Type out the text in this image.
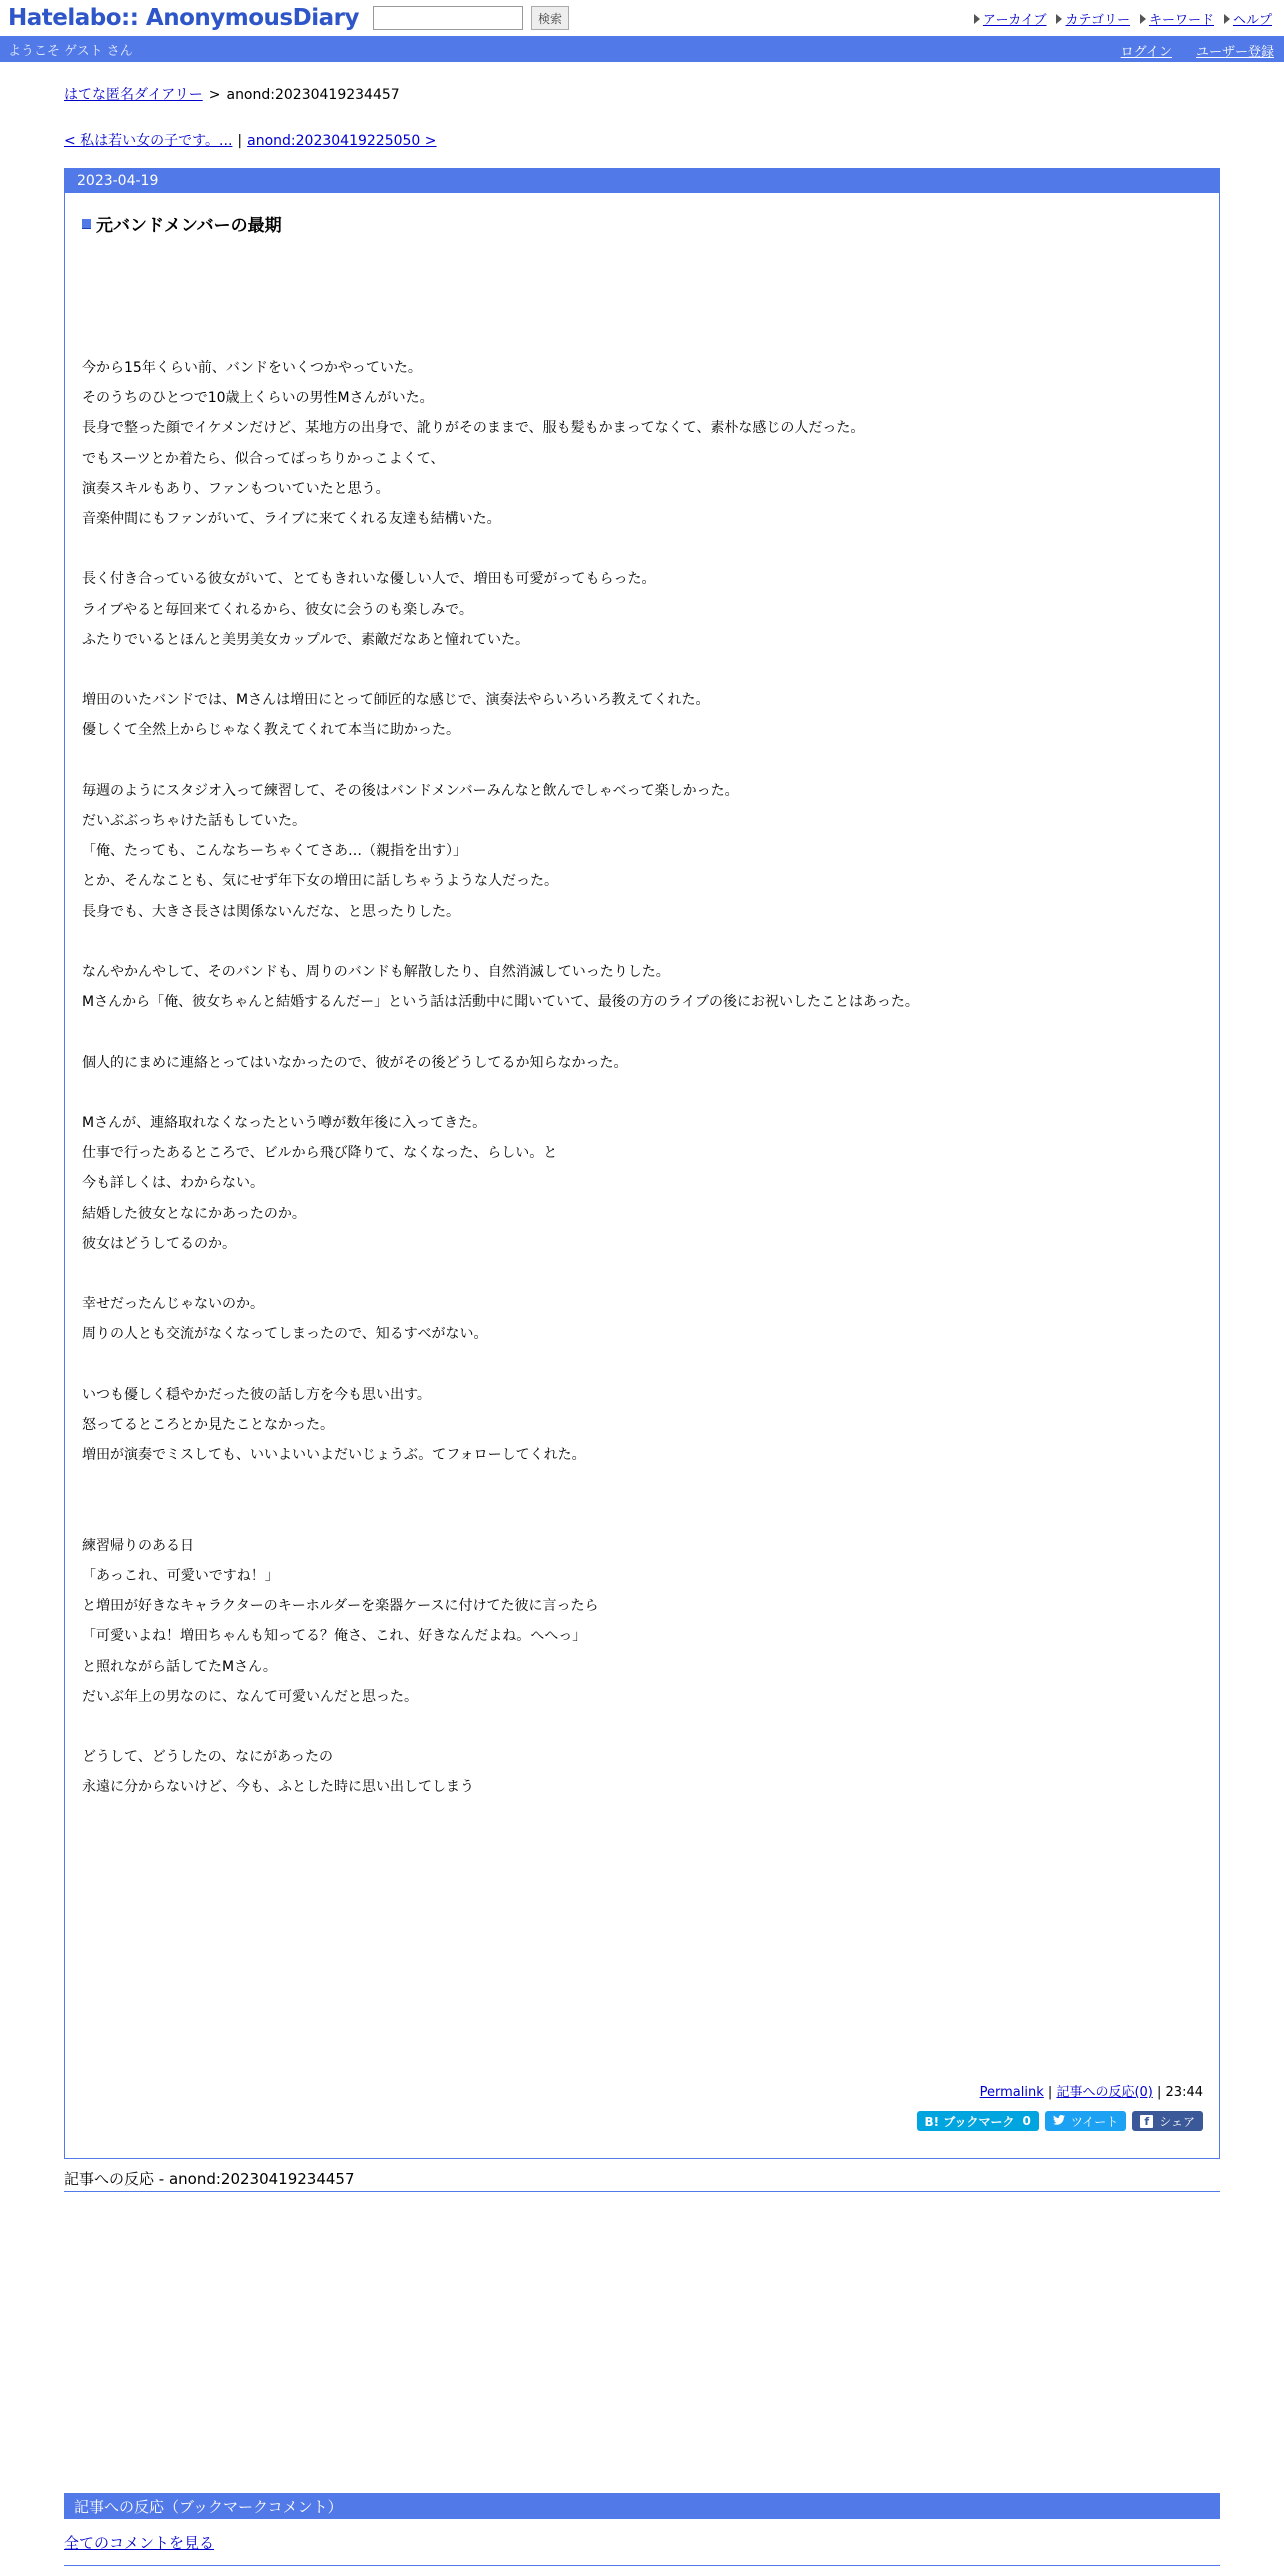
Hatelabo:: AnonymousDiary	検索	アーカイブ カテゴリー キーワード ヘルプ
ようこそ ゲスト さん	ログイン ユーザー登録
はてな匿名ダイアリー > anond:20230419234457
< 私は若い女の子です。... | anond:20230419225050 >
2023-04-19
元バンドメンバーの最期

今から15年くらい前、バンドをいくつかやっていた。

そのうちのひとつで10歳上くらいの男性Mさんがいた。

長身で整った顔でイケメンだけど、某地方の出身で、訛りがそのままで、服も髪もかまってなくて、素朴な感じの人だった。

でもスーツとか着たら、似合ってばっちりかっこよくて、

演奏スキルもあり、ファンもついていたと思う。

音楽仲間にもファンがいて、ライブに来てくれる友達も結構いた。

長く付き合っている彼女がいて、とてもきれいな優しい人で、増田も可愛がってもらった。

ライブやると毎回来てくれるから、彼女に会うのも楽しみで。

ふたりでいるとほんと美男美女カップルで、素敵だなあと憧れていた。

増田のいたバンドでは、Mさんは増田にとって師匠的な感じで、演奏法やらいろいろ教えてくれた。

優しくて全然上からじゃなく教えてくれて本当に助かった。

毎週のようにスタジオ入って練習して、その後はバンドメンバーみんなと飲んでしゃべって楽しかった。

だいぶぶっちゃけた話もしていた。

「俺、たっても、こんなちーちゃくてさあ…（親指を出す）」

とか、そんなことも、気にせず年下女の増田に話しちゃうような人だった。

長身でも、大きさ長さは関係ないんだな、と思ったりした。

なんやかんやして、そのバンドも、周りのバンドも解散したり、自然消滅していったりした。

Mさんから「俺、彼女ちゃんと結婚するんだー」という話は活動中に聞いていて、最後の方のライブの後にお祝いしたことはあった。

個人的にまめに連絡とってはいなかったので、彼がその後どうしてるか知らなかった。

Mさんが、連絡取れなくなったという噂が数年後に入ってきた。

仕事で行ったあるところで、ビルから飛び降りて、なくなった、らしい。と

今も詳しくは、わからない。

結婚した彼女となにかあったのか。

彼女はどうしてるのか。

幸せだったんじゃないのか。

周りの人とも交流がなくなってしまったので、知るすべがない。

いつも優しく穏やかだった彼の話し方を今も思い出す。

怒ってるところとか見たことなかった。

増田が演奏でミスしても、いいよいいよだいじょうぶ。てフォローしてくれた。

練習帰りのある日

「あっこれ、可愛いですね！」

と増田が好きなキャラクターのキーホルダーを楽器ケースに付けてた彼に言ったら

「可愛いよね！増田ちゃんも知ってる？俺さ、これ、好きなんだよね。へへっ」

と照れながら話してたMさん。

だいぶ年上の男なのに、なんて可愛いんだと思った。

どうして、どうしたの、なにがあったの

永遠に分からないけど、今も、ふとした時に思い出してしまう

Permalink | 記事への反応(0) | 23:44
B! ブックマーク 0	ツイート	f シェア
記事への反応 - anond:20230419234457
記事への反応（ブックマークコメント）
全てのコメントを見る
